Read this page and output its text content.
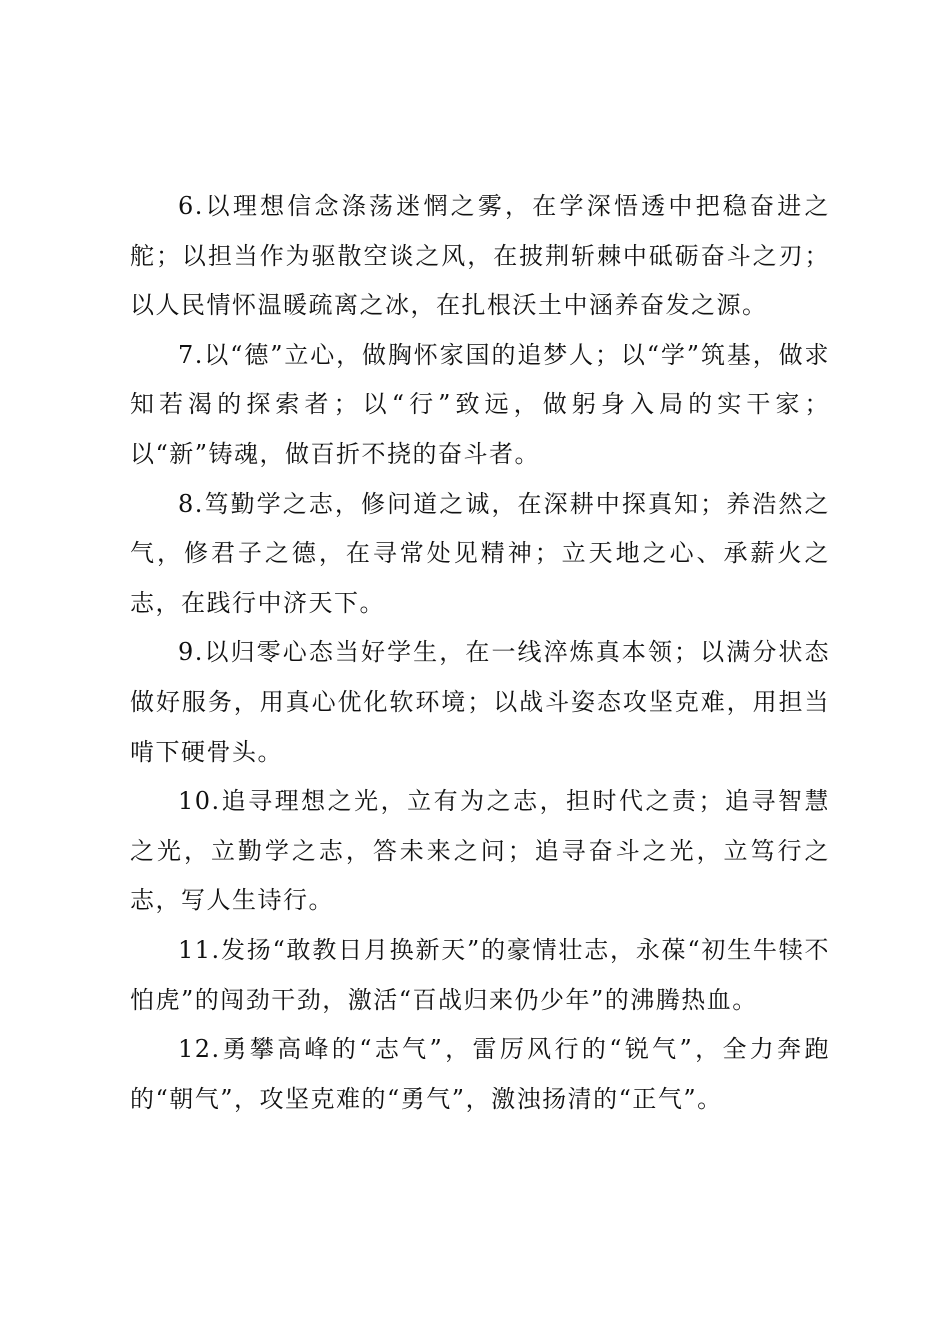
6.以理想信念涤荡迷惘之雾，在学深悟透中把稳奋进之舵；以担当作为驱散空谈之风，在披荆斩棘中砥砺奋斗之刃；以人民情怀温暖疏离之冰，在扎根沃土中涵养奋发之源。

7.以“德”立心，做胸怀家国的追梦人；以“学”筑基，做求知若渴的探索者；以“行”致远，做躬身入局的实干家；以“新”铸魂，做百折不挠的奋斗者。

8.笃勤学之志，修问道之诚，在深耕中探真知；养浩然之气，修君子之德，在寻常处见精神；立天地之心、承薪火之志，在践行中济天下。

9.以归零心态当好学生，在一线淬炼真本领；以满分状态做好服务，用真心优化软环境；以战斗姿态攻坚克难，用担当啃下硬骨头。

10.追寻理想之光，立有为之志，担时代之责；追寻智慧之光，立勤学之志，答未来之问；追寻奋斗之光，立笃行之志，写人生诗行。

11.发扬“敢教日月换新天”的豪情壮志，永葆“初生牛犊不怕虎”的闯劲干劲，激活“百战归来仍少年”的沸腾热血。

12.勇攀高峰的“志气”，雷厉风行的“锐气”，全力奔跑的“朝气”，攻坚克难的“勇气”，激浊扬清的“正气”。
